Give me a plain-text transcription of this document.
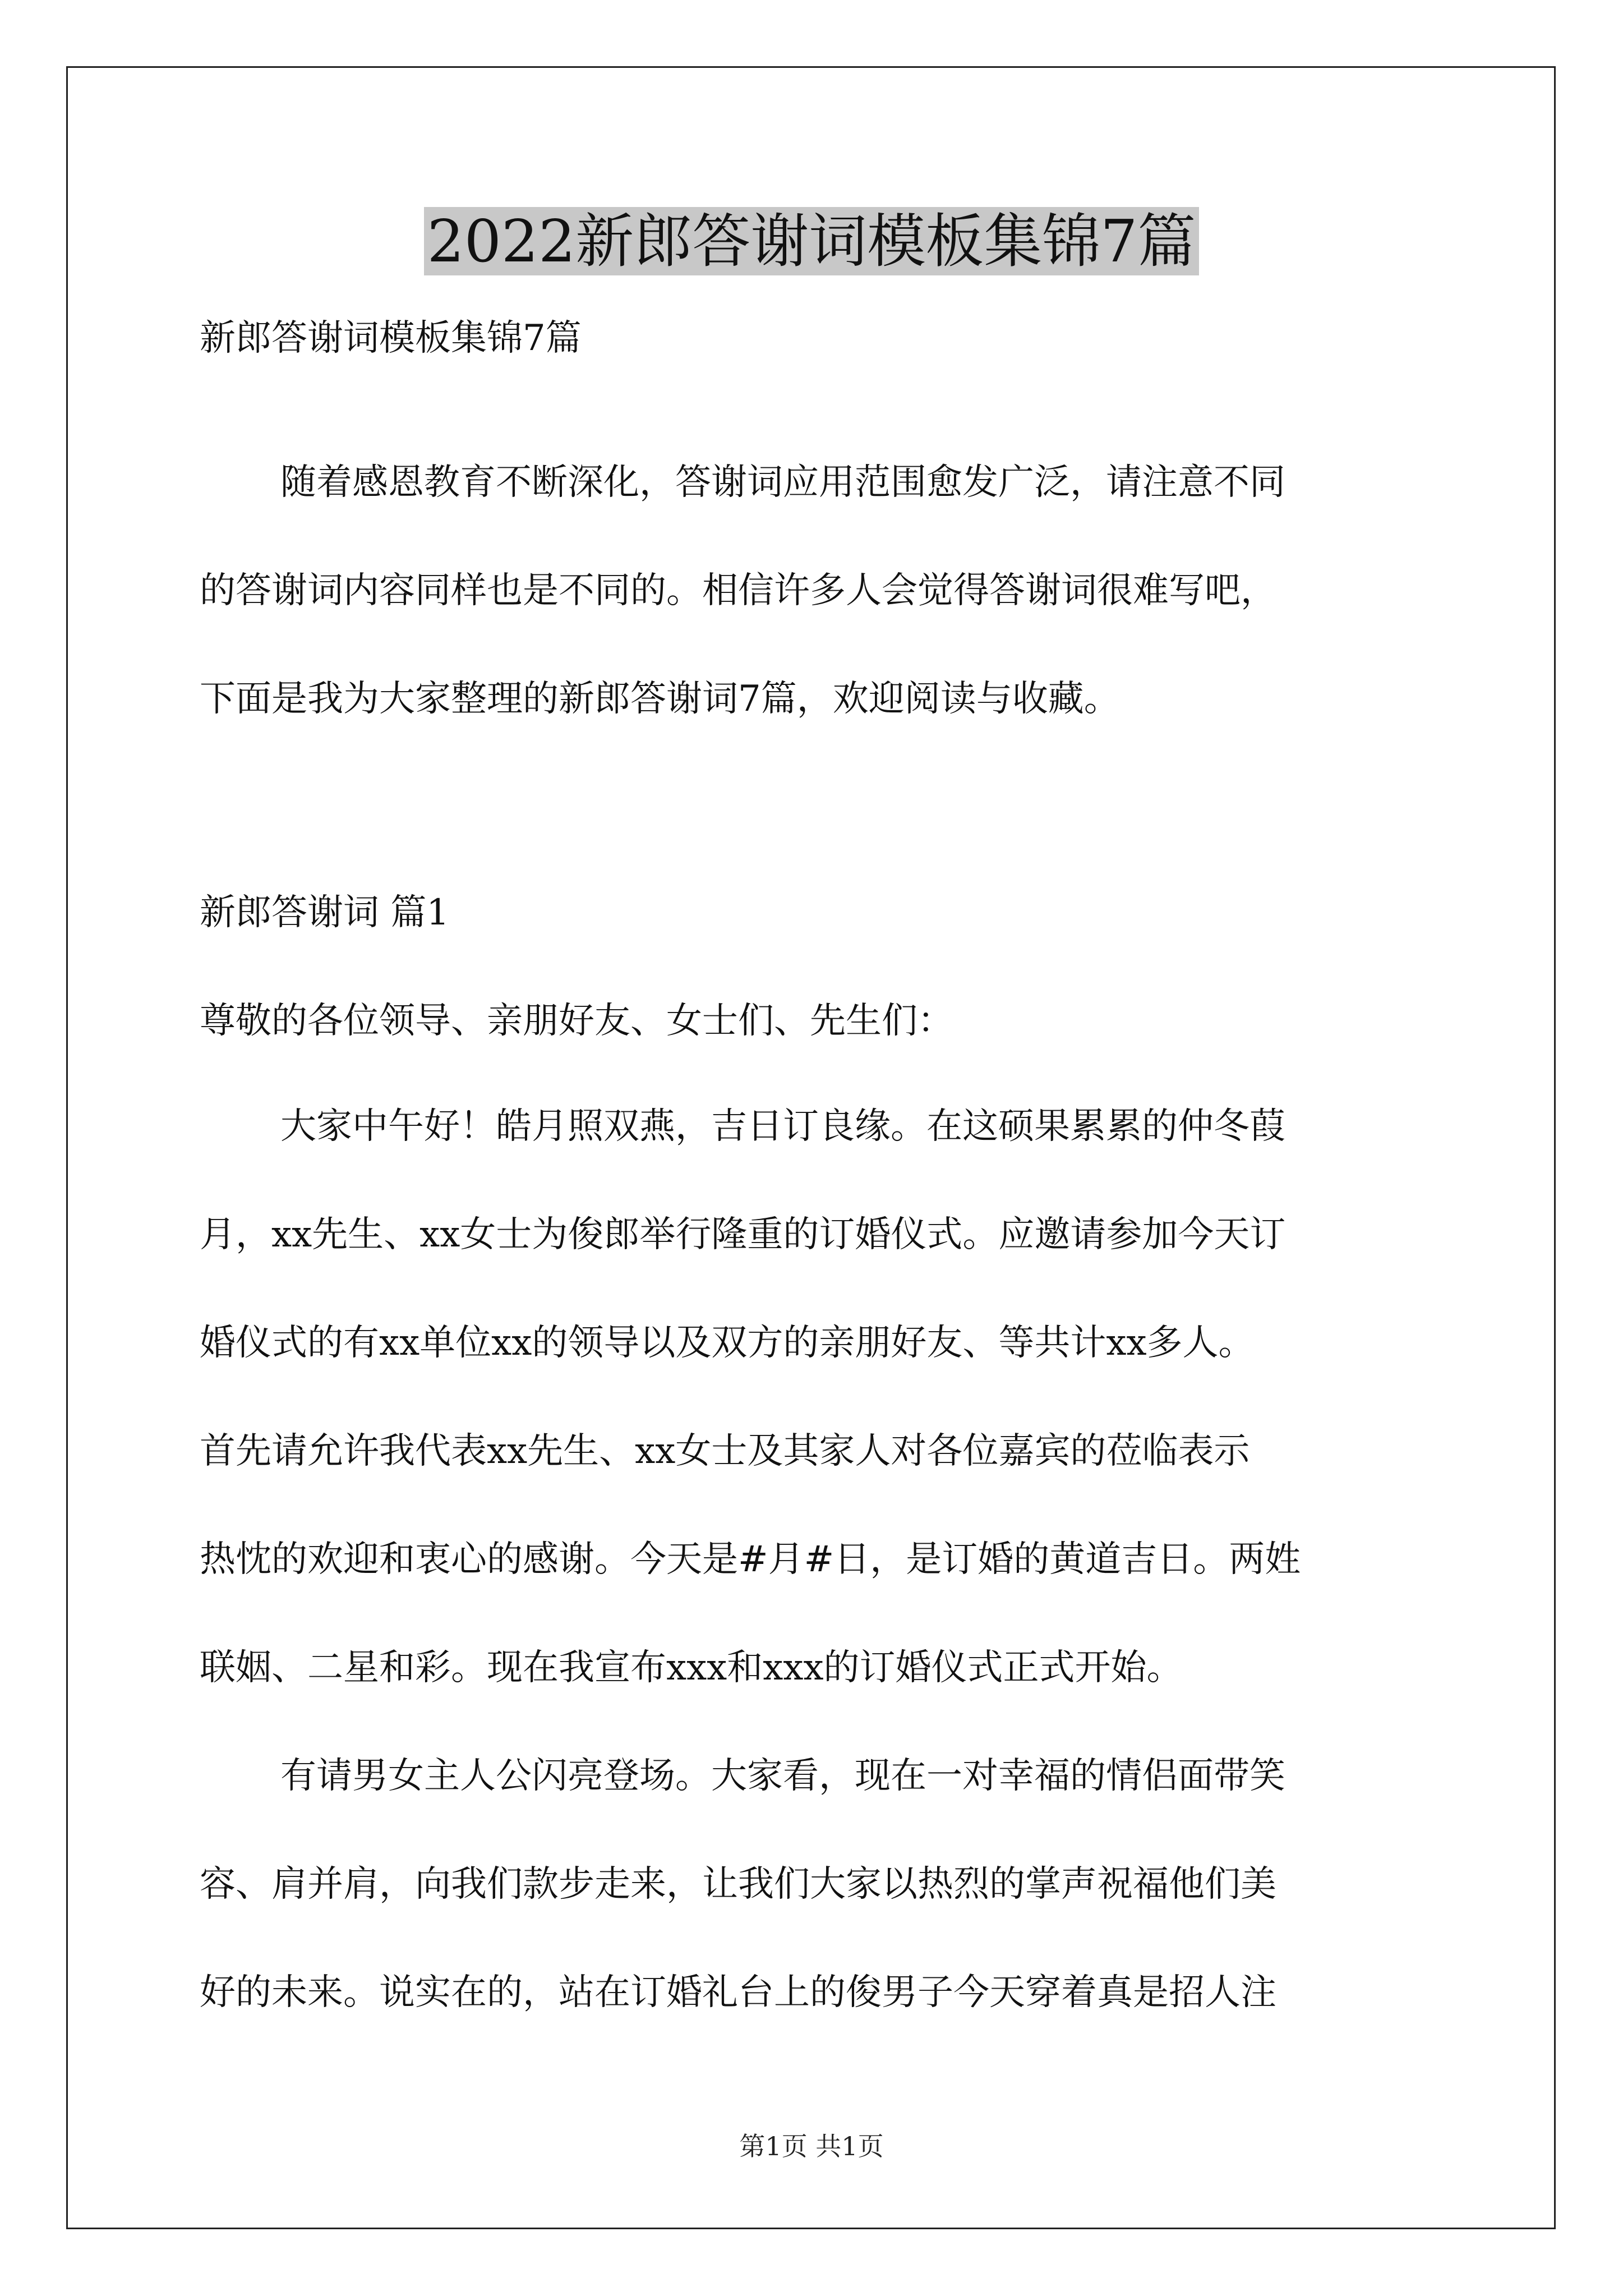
2022新郎答谢词模板集锦7篇

新郎答谢词模板集锦7篇

随着感恩教育不断深化，答谢词应用范围愈发广泛，请注意不同

的答谢词内容同样也是不同的。相信许多人会觉得答谢词很难写吧，

下面是我为大家整理的新郎答谢词7篇，欢迎阅读与收藏。

新郎答谢词 篇1

尊敬的各位领导、亲朋好友、女士们、先生们：

大家中午好！皓月照双燕，吉日订良缘。在这硕果累累的仲冬葭

月，xx先生、xx女士为俊郎举行隆重的订婚仪式。应邀请参加今天订

婚仪式的有xx单位xx的领导以及双方的亲朋好友、等共计xx多人。

首先请允许我代表xx先生、xx女士及其家人对各位嘉宾的莅临表示

热忱的欢迎和衷心的感谢。今天是#月#日，是订婚的黄道吉日。两姓

联姻、二星和彩。现在我宣布xxx和xxx的订婚仪式正式开始。

有请男女主人公闪亮登场。大家看，现在一对幸福的情侣面带笑

容、肩并肩，向我们款步走来，让我们大家以热烈的掌声祝福他们美

好的未来。说实在的，站在订婚礼台上的俊男子今天穿着真是招人注

第1页 共1页
